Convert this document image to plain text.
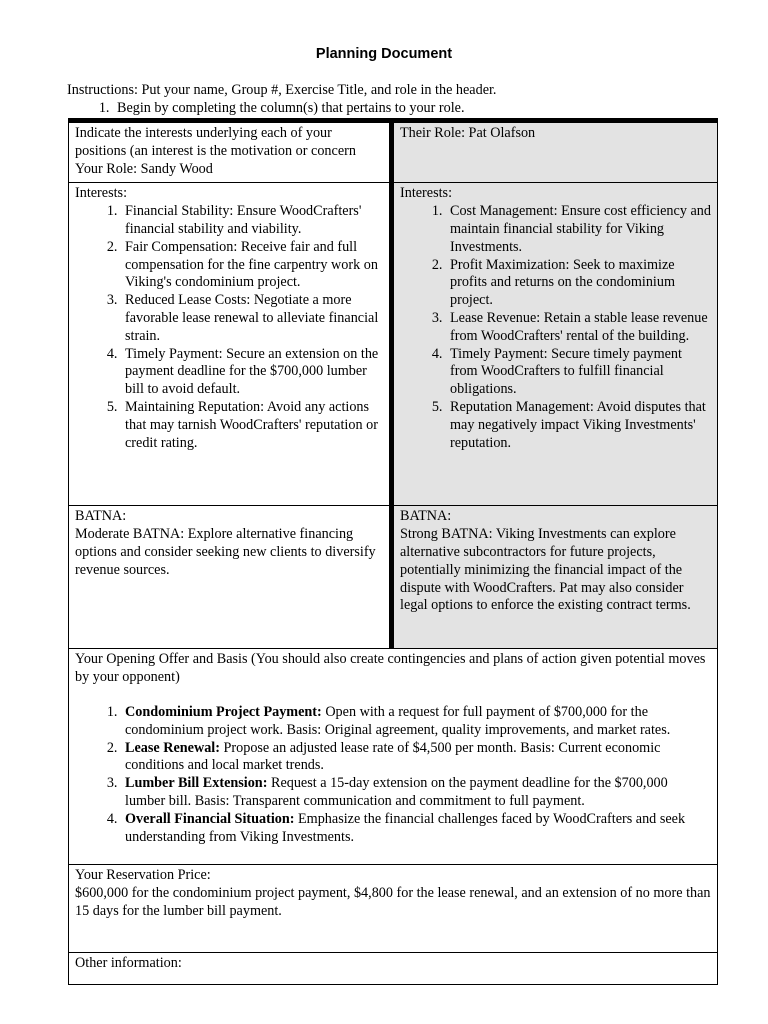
Planning Document
Instructions: Put your name, Group #, Exercise Title, and role in the header.
1. Begin by completing the column(s) that pertains to your role.
Indicate the interests underlying each of your positions (an interest is the motivation or concern
Your Role: Sandy Wood
Their Role: Pat Olafson
Interests:
1. Financial Stability: Ensure WoodCrafters' financial stability and viability.
2. Fair Compensation: Receive fair and full compensation for the fine carpentry work on Viking's condominium project.
3. Reduced Lease Costs: Negotiate a more favorable lease renewal to alleviate financial strain.
4. Timely Payment: Secure an extension on the payment deadline for the $700,000 lumber bill to avoid default.
5. Maintaining Reputation: Avoid any actions that may tarnish WoodCrafters' reputation or credit rating.
Interests:
1. Cost Management: Ensure cost efficiency and maintain financial stability for Viking Investments.
2. Profit Maximization: Seek to maximize profits and returns on the condominium project.
3. Lease Revenue: Retain a stable lease revenue from WoodCrafters' rental of the building.
4. Timely Payment: Secure timely payment from WoodCrafters to fulfill financial obligations.
5. Reputation Management: Avoid disputes that may negatively impact Viking Investments' reputation.
BATNA:
Moderate BATNA: Explore alternative financing options and consider seeking new clients to diversify revenue sources.
BATNA:
Strong BATNA: Viking Investments can explore alternative subcontractors for future projects, potentially minimizing the financial impact of the dispute with WoodCrafters. Pat may also consider legal options to enforce the existing contract terms.
Your Opening Offer and Basis (You should also create contingencies and plans of action given potential moves by your opponent)
1. Condominium Project Payment: Open with a request for full payment of $700,000 for the condominium project work. Basis: Original agreement, quality improvements, and market rates.
2. Lease Renewal: Propose an adjusted lease rate of $4,500 per month. Basis: Current economic conditions and local market trends.
3. Lumber Bill Extension: Request a 15-day extension on the payment deadline for the $700,000 lumber bill. Basis: Transparent communication and commitment to full payment.
4. Overall Financial Situation: Emphasize the financial challenges faced by WoodCrafters and seek understanding from Viking Investments.
Your Reservation Price:
$600,000 for the condominium project payment, $4,800 for the lease renewal, and an extension of no more than 15 days for the lumber bill payment.
Other information:
